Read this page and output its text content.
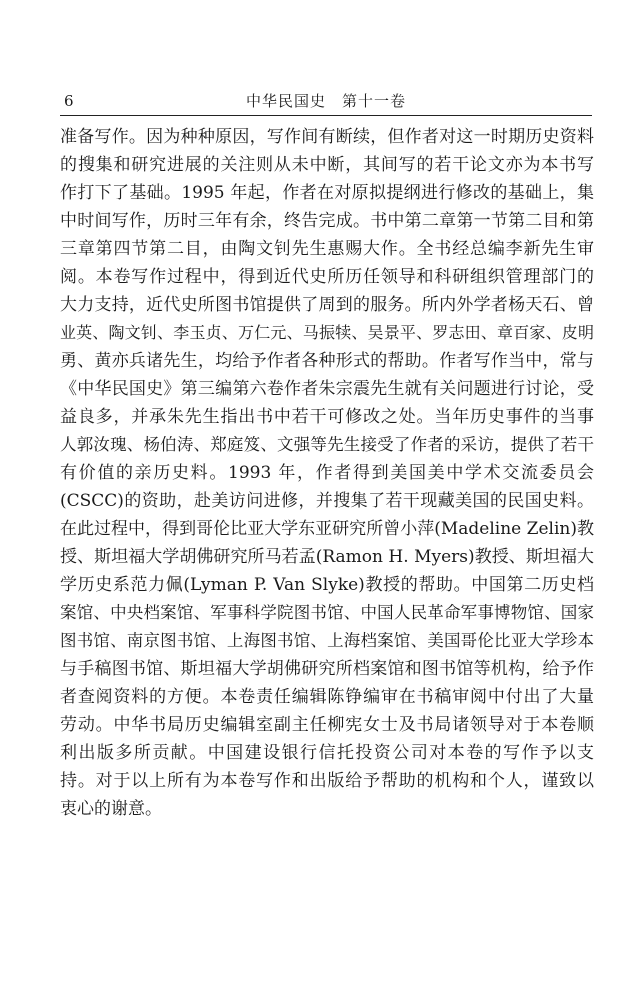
6	中华民国史　第十一卷
准备写作。因为种种原因，写作间有断续，但作者对这一时期历史资料
的搜集和研究进展的关注则从未中断，其间写的若干论文亦为本书写
作打下了基础。1995 年起，作者在对原拟提纲进行修改的基础上，集
中时间写作，历时三年有余，终告完成。书中第二章第一节第二目和第
三章第四节第二目，由陶文钊先生惠赐大作。全书经总编李新先生审
阅。本卷写作过程中，得到近代史所历任领导和科研组织管理部门的
大力支持，近代史所图书馆提供了周到的服务。所内外学者杨天石、曾
业英、陶文钊、李玉贞、万仁元、马振犊、吴景平、罗志田、章百家、皮明
勇、黄亦兵诸先生，均给予作者各种形式的帮助。作者写作当中，常与
《中华民国史》第三编第六卷作者朱宗震先生就有关问题进行讨论，受
益良多，并承朱先生指出书中若干可修改之处。当年历史事件的当事
人郭汝瑰、杨伯涛、郑庭笈、文强等先生接受了作者的采访，提供了若干
有价值的亲历史料。1993 年，作者得到美国美中学术交流委员会
(CSCC)的资助，赴美访问进修，并搜集了若干现藏美国的民国史料。
在此过程中，得到哥伦比亚大学东亚研究所曾小萍(Madeline Zelin)教
授、斯坦福大学胡佛研究所马若孟(Ramon H. Myers)教授、斯坦福大
学历史系范力佩(Lyman P. Van Slyke)教授的帮助。中国第二历史档
案馆、中央档案馆、军事科学院图书馆、中国人民革命军事博物馆、国家
图书馆、南京图书馆、上海图书馆、上海档案馆、美国哥伦比亚大学珍本
与手稿图书馆、斯坦福大学胡佛研究所档案馆和图书馆等机构，给予作
者查阅资料的方便。本卷责任编辑陈铮编审在书稿审阅中付出了大量
劳动。中华书局历史编辑室副主任柳宪女士及书局诸领导对于本卷顺
利出版多所贡献。中国建设银行信托投资公司对本卷的写作予以支
持。对于以上所有为本卷写作和出版给予帮助的机构和个人，谨致以
衷心的谢意。
